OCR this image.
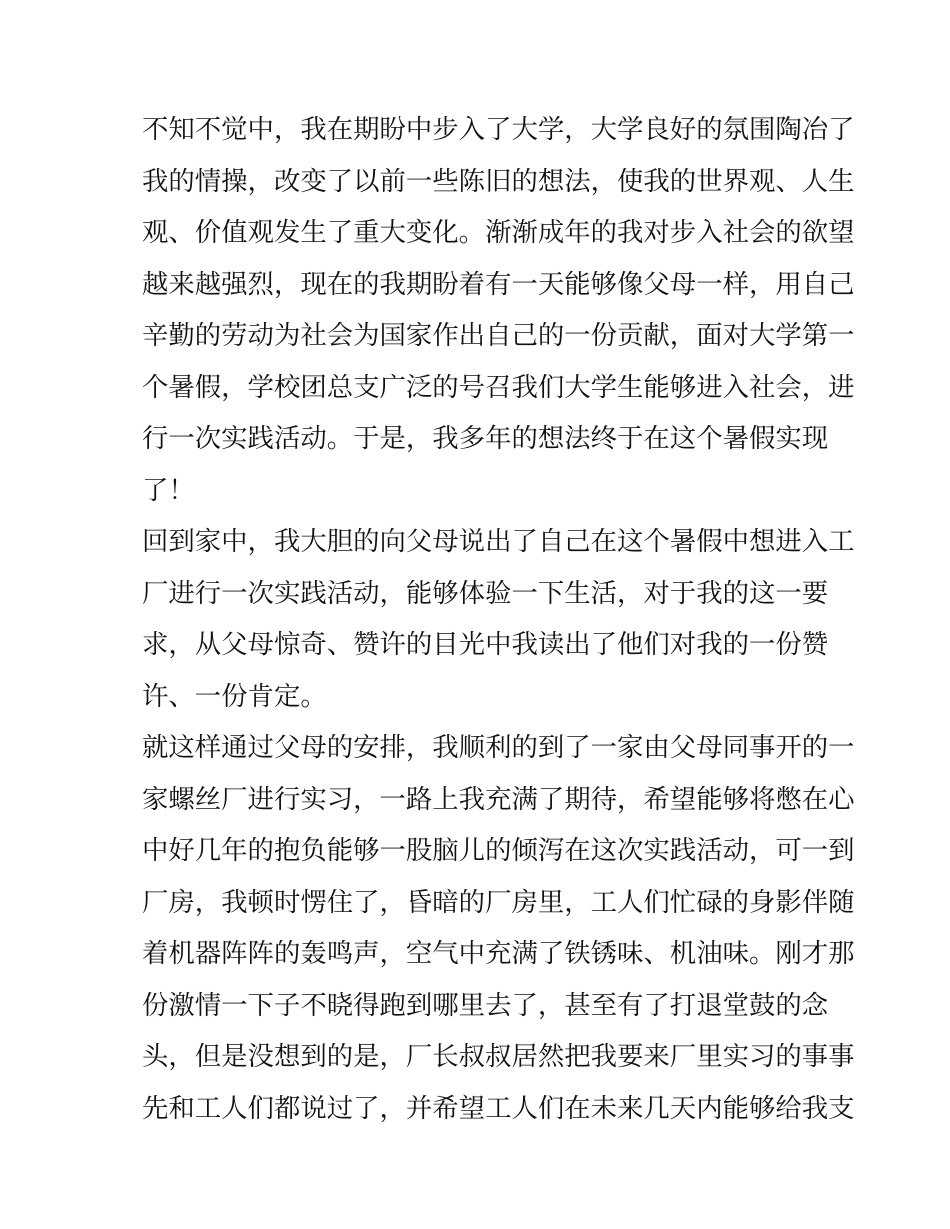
不知不觉中，我在期盼中步入了大学，大学良好的氛围陶冶了
我的情操，改变了以前一些陈旧的想法，使我的世界观、人生
观、价值观发生了重大变化。渐渐成年的我对步入社会的欲望
越来越强烈，现在的我期盼着有一天能够像父母一样，用自己
辛勤的劳动为社会为国家作出自己的一份贡献，面对大学第一
个暑假，学校团总支广泛的号召我们大学生能够进入社会，进
行一次实践活动。于是，我多年的想法终于在这个暑假实现
了！
回到家中，我大胆的向父母说出了自己在这个暑假中想进入工
厂进行一次实践活动，能够体验一下生活，对于我的这一要
求，从父母惊奇、赞许的目光中我读出了他们对我的一份赞
许、一份肯定。
就这样通过父母的安排，我顺利的到了一家由父母同事开的一
家螺丝厂进行实习，一路上我充满了期待，希望能够将憋在心
中好几年的抱负能够一股脑儿的倾泻在这次实践活动，可一到
厂房，我顿时愣住了，昏暗的厂房里，工人们忙碌的身影伴随
着机器阵阵的轰鸣声，空气中充满了铁锈味、机油味。刚才那
份激情一下子不晓得跑到哪里去了，甚至有了打退堂鼓的念
头，但是没想到的是，厂长叔叔居然把我要来厂里实习的事事
先和工人们都说过了，并希望工人们在未来几天内能够给我支
